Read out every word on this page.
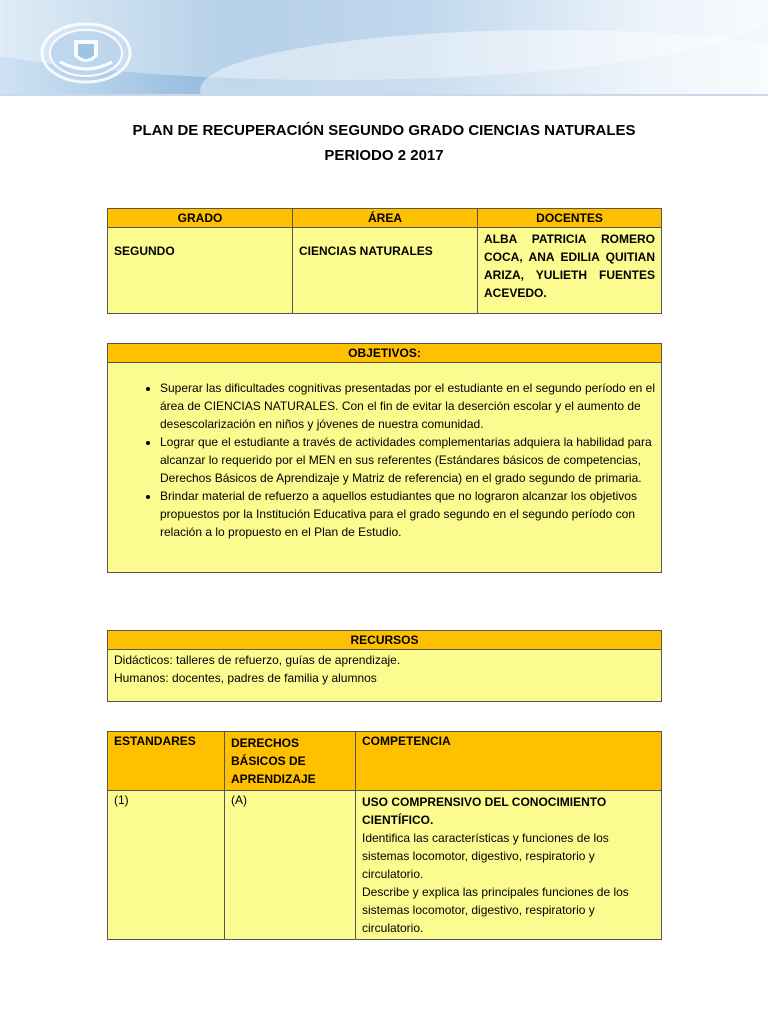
PLAN DE RECUPERACIÓN SEGUNDO GRADO CIENCIAS NATURALES
PERIODO 2 2017
GRADO	ÁREA	DOCENTES
SEGUNDO	CIENCIAS NATURALES	ALBA PATRICIA ROMERO COCA, ANA EDILIA QUITIAN ARIZA, YULIETH FUENTES ACEVEDO.
OBJETIVOS:

• Superar las dificultades cognitivas presentadas por el estudiante en el segundo período en el área de CIENCIAS NATURALES. Con el fin de evitar la deserción escolar y el aumento de desescolarización en niños y jóvenes de nuestra comunidad.
• Lograr que el estudiante a través de actividades complementarias adquiera la habilidad para alcanzar lo requerido por el MEN en sus referentes (Estándares básicos de competencias, Derechos Básicos de Aprendizaje y Matriz de referencia) en el grado segundo de primaria.
• Brindar material de refuerzo a aquellos estudiantes que no lograron alcanzar los objetivos propuestos por la Institución Educativa para el grado segundo en el segundo período con relación a lo propuesto en el Plan de Estudio.
RECURSOS

Didácticos: talleres de refuerzo, guías de aprendizaje.
Humanos: docentes, padres de familia y alumnos
ESTANDARES	DERECHOS BÁSICOS DE APRENDIZAJE	COMPETENCIA
(1)	(A)	USO COMPRENSIVO DEL CONOCIMIENTO CIENTÍFICO.
Identifica las características y funciones de los sistemas locomotor, digestivo, respiratorio y circulatorio.
Describe y explica las principales funciones de los sistemas locomotor, digestivo, respiratorio y circulatorio.
